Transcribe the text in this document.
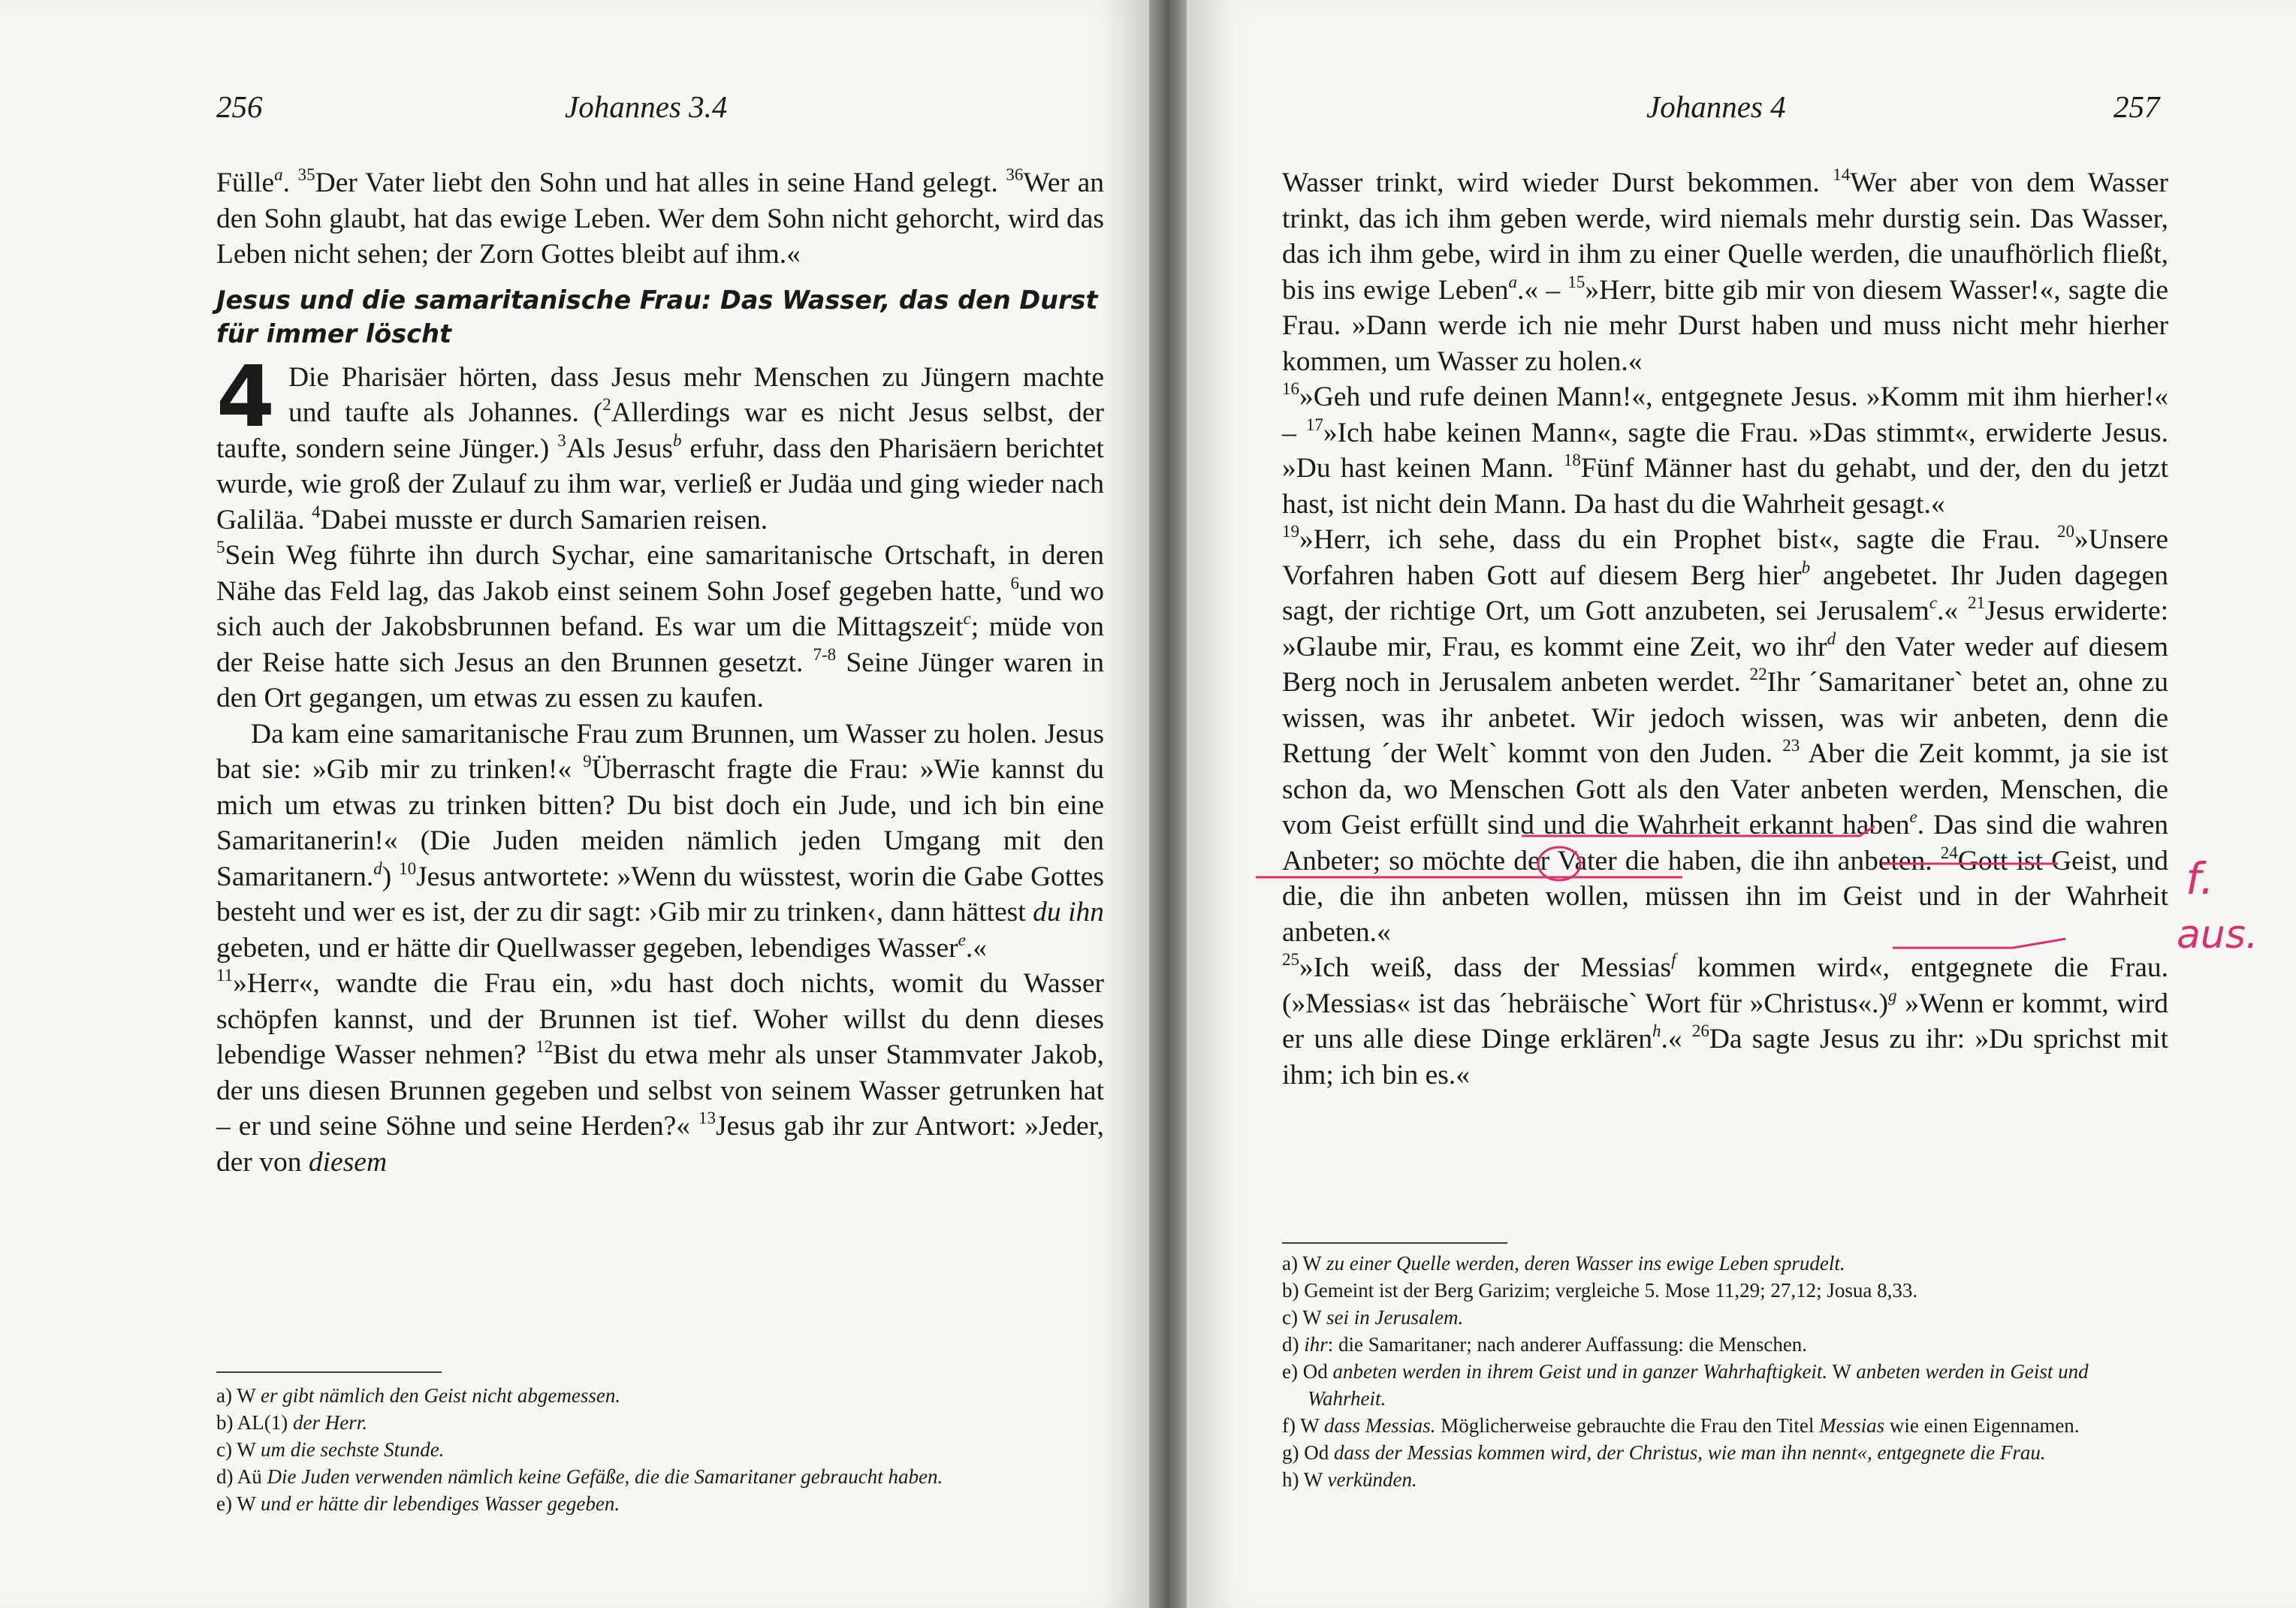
256	Johannes 3.4

Fülle$^a$. $^{35}$Der Vater liebt den Sohn und hat alles in seine Hand gelegt. $^{36}$Wer an den Sohn glaubt, hat das ewige Leben. Wer dem Sohn nicht gehorcht, wird das Leben nicht sehen; der Zorn Gottes bleibt auf ihm.«

Jesus und die samaritanische Frau: Das Wasser, das den Durst für immer löscht

4 Die Pharisäer hörten, dass Jesus mehr Menschen zu Jüngern machte und taufte als Johannes. ($^2$Allerdings war es nicht Jesus selbst, der taufte, sondern seine Jünger.) $^3$Als Jesus$^b$ erfuhr, dass den Pharisäern berichtet wurde, wie groß der Zulauf zu ihm war, verließ er Judäa und ging wieder nach Galiläa. $^4$Dabei musste er durch Samarien reisen.

$^5$Sein Weg führte ihn durch Sychar, eine samaritanische Ortschaft, in deren Nähe das Feld lag, das Jakob einst seinem Sohn Josef gegeben hatte, $^6$und wo sich auch der Jakobsbrunnen befand. Es war um die Mittagszeit$^c$; müde von der Reise hatte sich Jesus an den Brunnen gesetzt. $^{7-8}$ Seine Jünger waren in den Ort gegangen, um etwas zu essen zu kaufen.

Da kam eine samaritanische Frau zum Brunnen, um Wasser zu holen. Jesus bat sie: »Gib mir zu trinken!« $^9$Überrascht fragte die Frau: »Wie kannst du mich um etwas zu trinken bitten? Du bist doch ein Jude, und ich bin eine Samaritanerin!« (Die Juden meiden nämlich jeden Umgang mit den Samaritanern.$^d$) $^{10}$Jesus antwortete: »Wenn du wüsstest, worin die Gabe Gottes besteht und wer es ist, der zu dir sagt: ›Gib mir zu trinken‹, dann hättest du ihn gebeten, und er hätte dir Quellwasser gegeben, lebendiges Wasser$^e$.«

$^{11}$»Herr«, wandte die Frau ein, »du hast doch nichts, womit du Wasser schöpfen kannst, und der Brunnen ist tief. Woher willst du denn dieses lebendige Wasser nehmen? $^{12}$Bist du etwa mehr als unser Stammvater Jakob, der uns diesen Brunnen gegeben und selbst von seinem Wasser getrunken hat – er und seine Söhne und seine Herden?« $^{13}$Jesus gab ihr zur Antwort: »Jeder, der von diesem

a) W er gibt nämlich den Geist nicht abgemessen.
b) AL(1) der Herr.
c) W um die sechste Stunde.
d) Aü Die Juden verwenden nämlich keine Gefäße, die die Samaritaner gebraucht haben.
e) W und er hätte dir lebendiges Wasser gegeben.
Johannes 4	257

Wasser trinkt, wird wieder Durst bekommen. $^{14}$Wer aber von dem Wasser trinkt, das ich ihm geben werde, wird niemals mehr durstig sein. Das Wasser, das ich ihm gebe, wird in ihm zu einer Quelle werden, die unaufhörlich fließt, bis ins ewige Leben$^a$.« – $^{15}$»Herr, bitte gib mir von diesem Wasser!«, sagte die Frau. »Dann werde ich nie mehr Durst haben und muss nicht mehr hierher kommen, um Wasser zu holen.«

$^{16}$»Geh und rufe deinen Mann!«, entgegnete Jesus. »Komm mit ihm hierher!« – $^{17}$»Ich habe keinen Mann«, sagte die Frau. »Das stimmt«, erwiderte Jesus. »Du hast keinen Mann. $^{18}$Fünf Männer hast du gehabt, und der, den du jetzt hast, ist nicht dein Mann. Da hast du die Wahrheit gesagt.«

$^{19}$»Herr, ich sehe, dass du ein Prophet bist«, sagte die Frau. $^{20}$»Unsere Vorfahren haben Gott auf diesem Berg hier$^b$ angebetet. Ihr Juden dagegen sagt, der richtige Ort, um Gott anzubeten, sei Jerusalem$^c$.« $^{21}$Jesus erwiderte: »Glaube mir, Frau, es kommt eine Zeit, wo ihr$^d$ den Vater weder auf diesem Berg noch in Jerusalem anbeten werdet. $^{22}$Ihr ´Samaritaner` betet an, ohne zu wissen, was ihr anbetet. Wir jedoch wissen, was wir anbeten, denn die Rettung ´der Welt` kommt von den Juden. $^{23}$ Aber die Zeit kommt, ja sie ist schon da, wo Menschen Gott als den Vater anbeten werden, Menschen, die vom Geist erfüllt sind und die Wahrheit erkannt haben$^e$. Das sind die wahren Anbeter; so möchte der Vater die haben, die ihn anbeten. $^{24}$Gott ist Geist, und die, die ihn anbeten wollen, müssen ihn im Geist und in der Wahrheit anbeten.«

$^{25}$»Ich weiß, dass der Messias$^f$ kommen wird«, entgegnete die Frau. (»Messias« ist das ´hebräische` Wort für »Christus«.)$^g$ »Wenn er kommt, wird er uns alle diese Dinge erklären$^h$.« $^{26}$Da sagte Jesus zu ihr: »Du sprichst mit ihm; ich bin es.«

a) W zu einer Quelle werden, deren Wasser ins ewige Leben sprudelt.
b) Gemeint ist der Berg Garizim; vergleiche 5. Mose 11,29; 27,12; Josua 8,33.
c) W sei in Jerusalem.
d) ihr: die Samaritaner; nach anderer Auffassung: die Menschen.
e) Od anbeten werden in ihrem Geist und in ganzer Wahrhaftigkeit. W anbeten werden in Geist und Wahrheit.
f) W dass Messias. Möglicherweise gebrauchte die Frau den Titel Messias wie einen Eigennamen.
g) Od dass der Messias kommen wird, der Christus, wie man ihn nennt«, entgegnete die Frau.
h) W verkünden.
f.
aus.
